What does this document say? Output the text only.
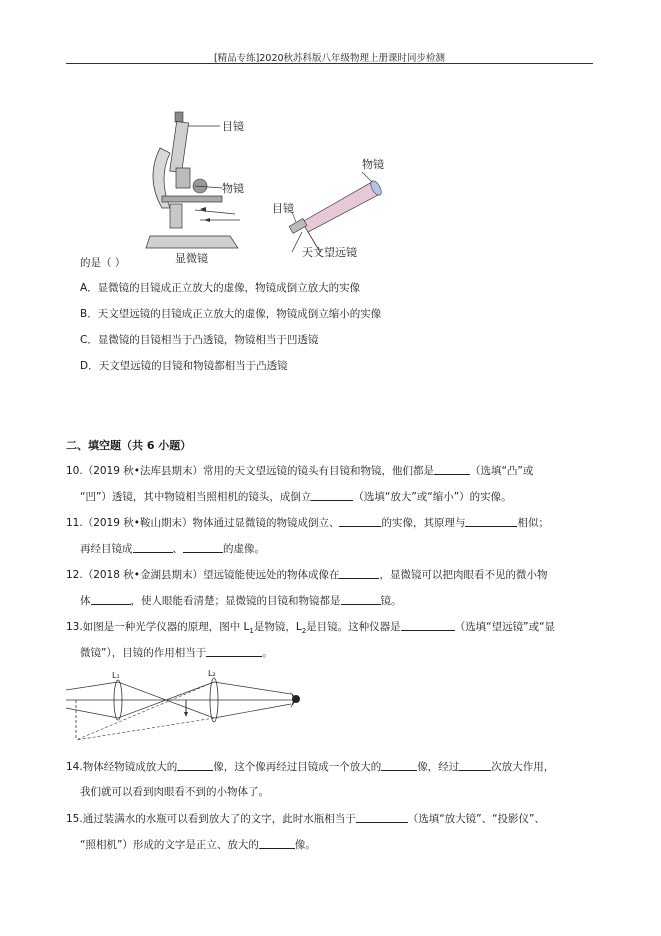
[精品专练]2020秋苏科版八年级物理上册课时同步检测
目镜
物镜
显微镜
物镜
目镜
天文望远镜
的是（ ）
A．显微镜的目镜成正立放大的虚像，物镜成倒立放大的实像
B．天文望远镜的目镜成正立放大的虚像，物镜成倒立缩小的实像
C．显微镜的目镜相当于凸透镜，物镜相当于凹透镜
D．天文望远镜的目镜和物镜都相当于凸透镜
二、填空题（共 6 小题）
10.（2019 秋•法库县期末）常用的天文望远镜的镜头有目镜和物镜，他们都是	（选填“凸”或
“凹”）透镜，其中物镜相当照相机的镜头，成倒立	（选填“放大”或“缩小”）的实像。
11.（2019 秋•鞍山期末）物体通过显微镜的物镜成倒立、	的实像，其原理与	相似；
再经目镜成	、	的虚像。
12.（2018 秋•金湖县期末）望远镜能使远处的物体成像在	，显微镜可以把肉眼看不见的微小物
体	，使人眼能看清楚；显微镜的目镜和物镜都是	镜。
13.如图是一种光学仪器的原理，图中 $L_1$是物镜，$L_2$是目镜。这种仪器是	（选填“望远镜”或“显
微镜”），目镜的作用相当于	。
L₁	L₂
14.物体经物镜成放大的	像，这个像再经过目镜成一个放大的	像，经过	次放大作用，
我们就可以看到肉眼看不到的小物体了。
15.通过装满水的水瓶可以看到放大了的文字，此时水瓶相当于	（选填“放大镜”、“投影仪”、
“照相机”）形成的文字是正立、放大的	像。
